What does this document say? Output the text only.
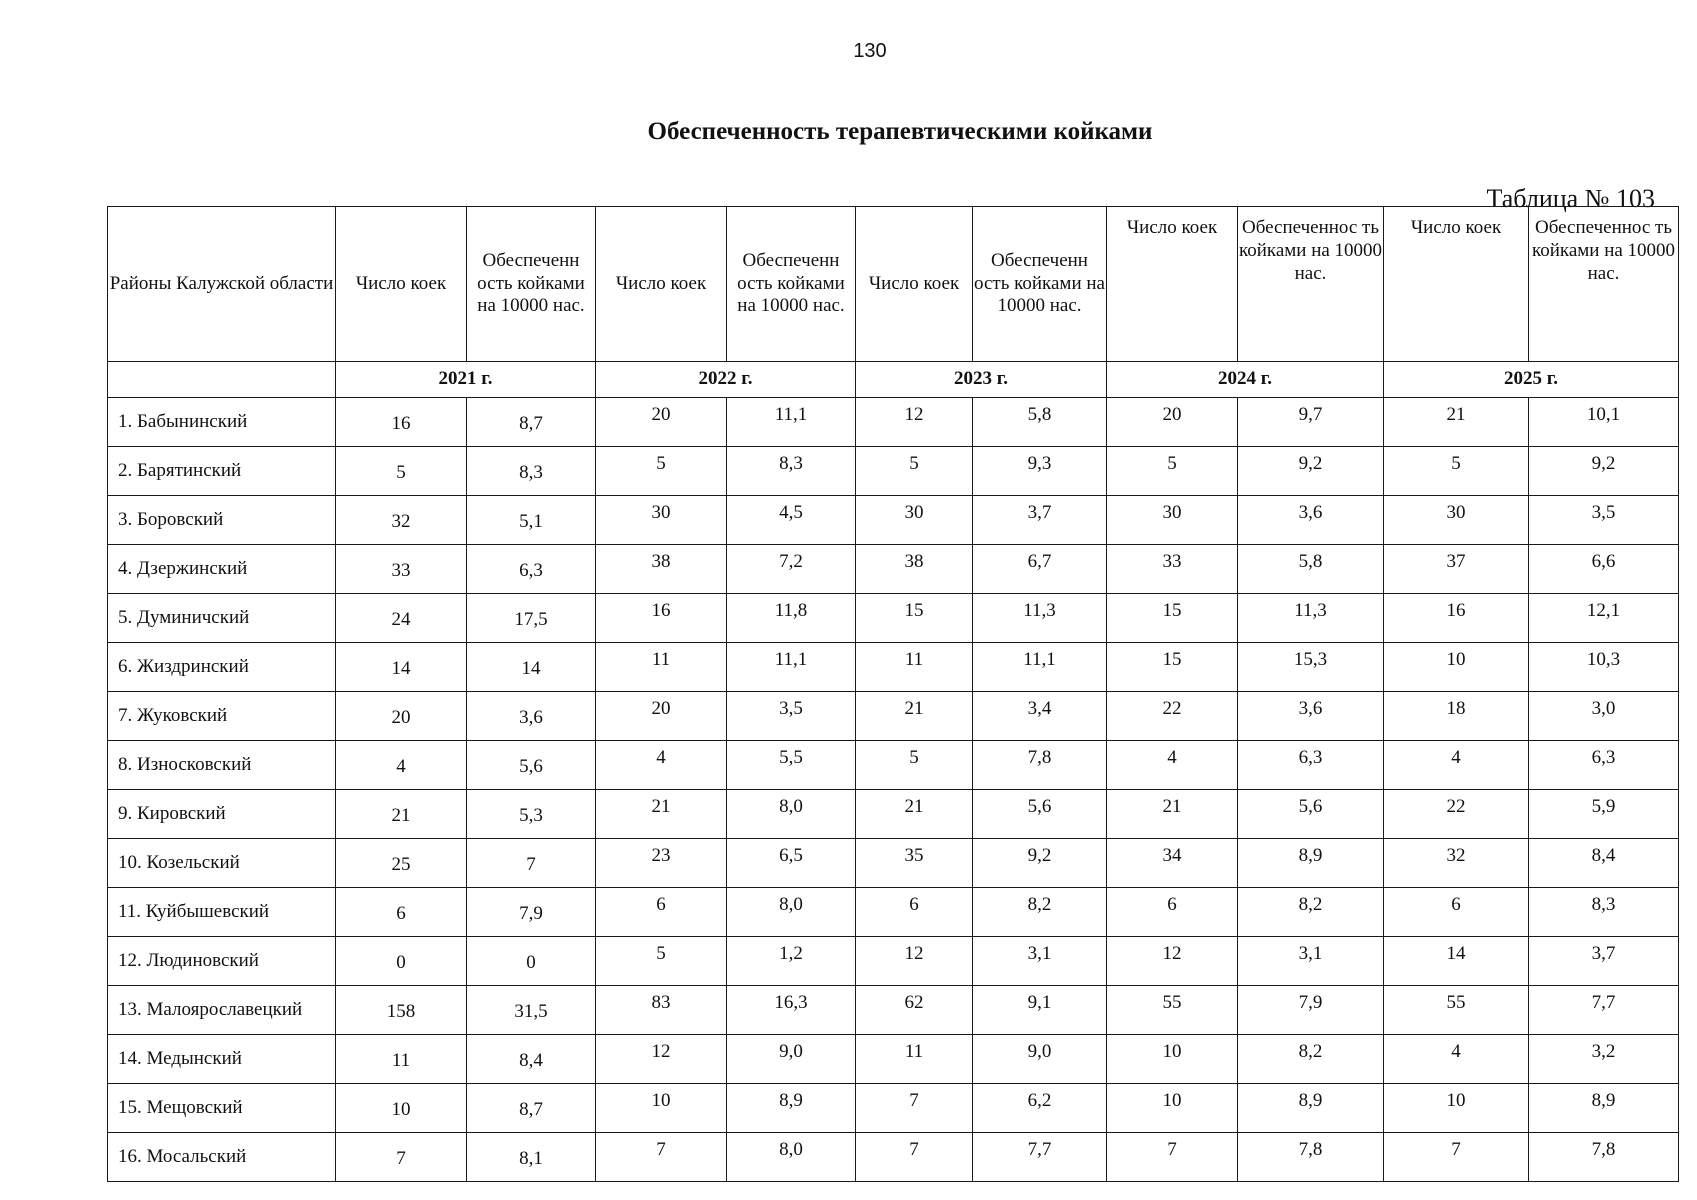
130
Обеспеченность терапевтическими койками
Таблица № 103
Районы Калужской области	Число коек	Обеспеченн ость койками на 10000 нас.	Число коек	Обеспеченн ость койками на 10000 нас.	Число коек	Обеспеченн ость койками на 10000 нас.	Число коек	Обеспеченнос ть койками на 10000 нас.	Число коек	Обеспеченнос ть койками на 10000 нас.
	2021 г.		2022 г.		2023 г.		2024 г.		2025 г.	
1. Бабынинский	16	8,7	20	11,1	12	5,8	20	9,7	21	10,1
2. Барятинский	5	8,3	5	8,3	5	9,3	5	9,2	5	9,2
3. Боровский	32	5,1	30	4,5	30	3,7	30	3,6	30	3,5
4. Дзержинский	33	6,3	38	7,2	38	6,7	33	5,8	37	6,6
5. Думиничский	24	17,5	16	11,8	15	11,3	15	11,3	16	12,1
6. Жиздринский	14	14	11	11,1	11	11,1	15	15,3	10	10,3
7. Жуковский	20	3,6	20	3,5	21	3,4	22	3,6	18	3,0
8. Износковский	4	5,6	4	5,5	5	7,8	4	6,3	4	6,3
9. Кировский	21	5,3	21	8,0	21	5,6	21	5,6	22	5,9
10. Козельский	25	7	23	6,5	35	9,2	34	8,9	32	8,4
11. Куйбышевский	6	7,9	6	8,0	6	8,2	6	8,2	6	8,3
12. Людиновский	0	0	5	1,2	12	3,1	12	3,1	14	3,7
13. Малоярославецкий	158	31,5	83	16,3	62	9,1	55	7,9	55	7,7
14. Медынский	11	8,4	12	9,0	11	9,0	10	8,2	4	3,2
15. Мещовский	10	8,7	10	8,9	7	6,2	10	8,9	10	8,9
16. Мосальский	7	8,1	7	8,0	7	7,7	7	7,8	7	7,8
